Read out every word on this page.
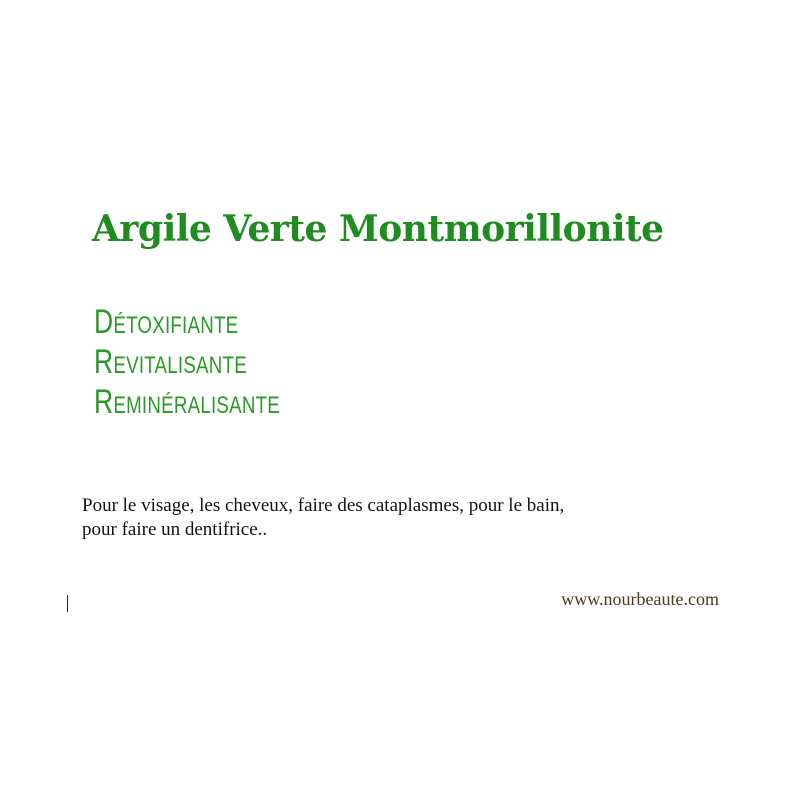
Argile Verte Montmorillonite
Détoxifiante
Revitalisante
Reminéralisante

Pour le visage, les cheveux, faire des cataplasmes, pour le bain,
pour faire un dentifrice..

www.nourbeaute.com
